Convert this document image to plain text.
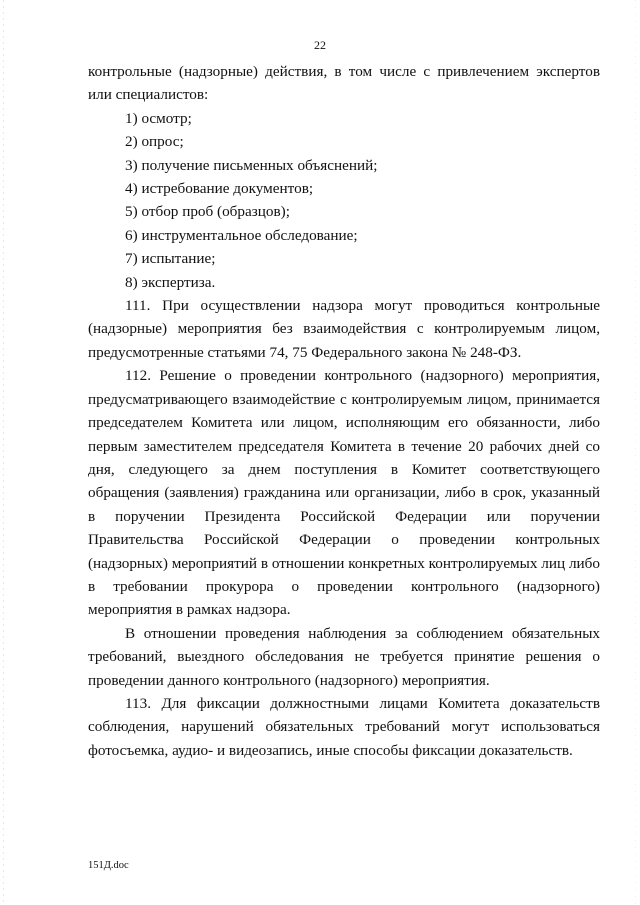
22

контрольные (надзорные) действия, в том числе с привлечением экспертов или специалистов:

1) осмотр;

2) опрос;

3) получение письменных объяснений;

4) истребование документов;

5) отбор проб (образцов);

6) инструментальное обследование;

7) испытание;

8) экспертиза.

111. При осуществлении надзора могут проводиться контрольные (надзорные) мероприятия без взаимодействия с контролируемым лицом, предусмотренные статьями 74, 75 Федерального закона № 248-ФЗ.

112. Решение о проведении контрольного (надзорного) мероприятия, предусматривающего взаимодействие с контролируемым лицом, принимается председателем Комитета или лицом, исполняющим его обязанности, либо первым заместителем председателя Комитета в течение 20 рабочих дней со дня, следующего за днем поступления в Комитет соответствующего обращения (заявления) гражданина или организации, либо в срок, указанный в поручении Президента Российской Федерации или поручении Правительства Российской Федерации о проведении контрольных (надзорных) мероприятий в отношении конкретных контролируемых лиц либо в требовании прокурора о проведении контрольного (надзорного) мероприятия в рамках надзора.

В отношении проведения наблюдения за соблюдением обязательных требований, выездного обследования не требуется принятие решения о проведении данного контрольного (надзорного) мероприятия.

113. Для фиксации должностными лицами Комитета доказательств соблюдения, нарушений обязательных требований могут использоваться фотосъемка, аудио- и видеозапись, иные способы фиксации доказательств.

151Д.doc
